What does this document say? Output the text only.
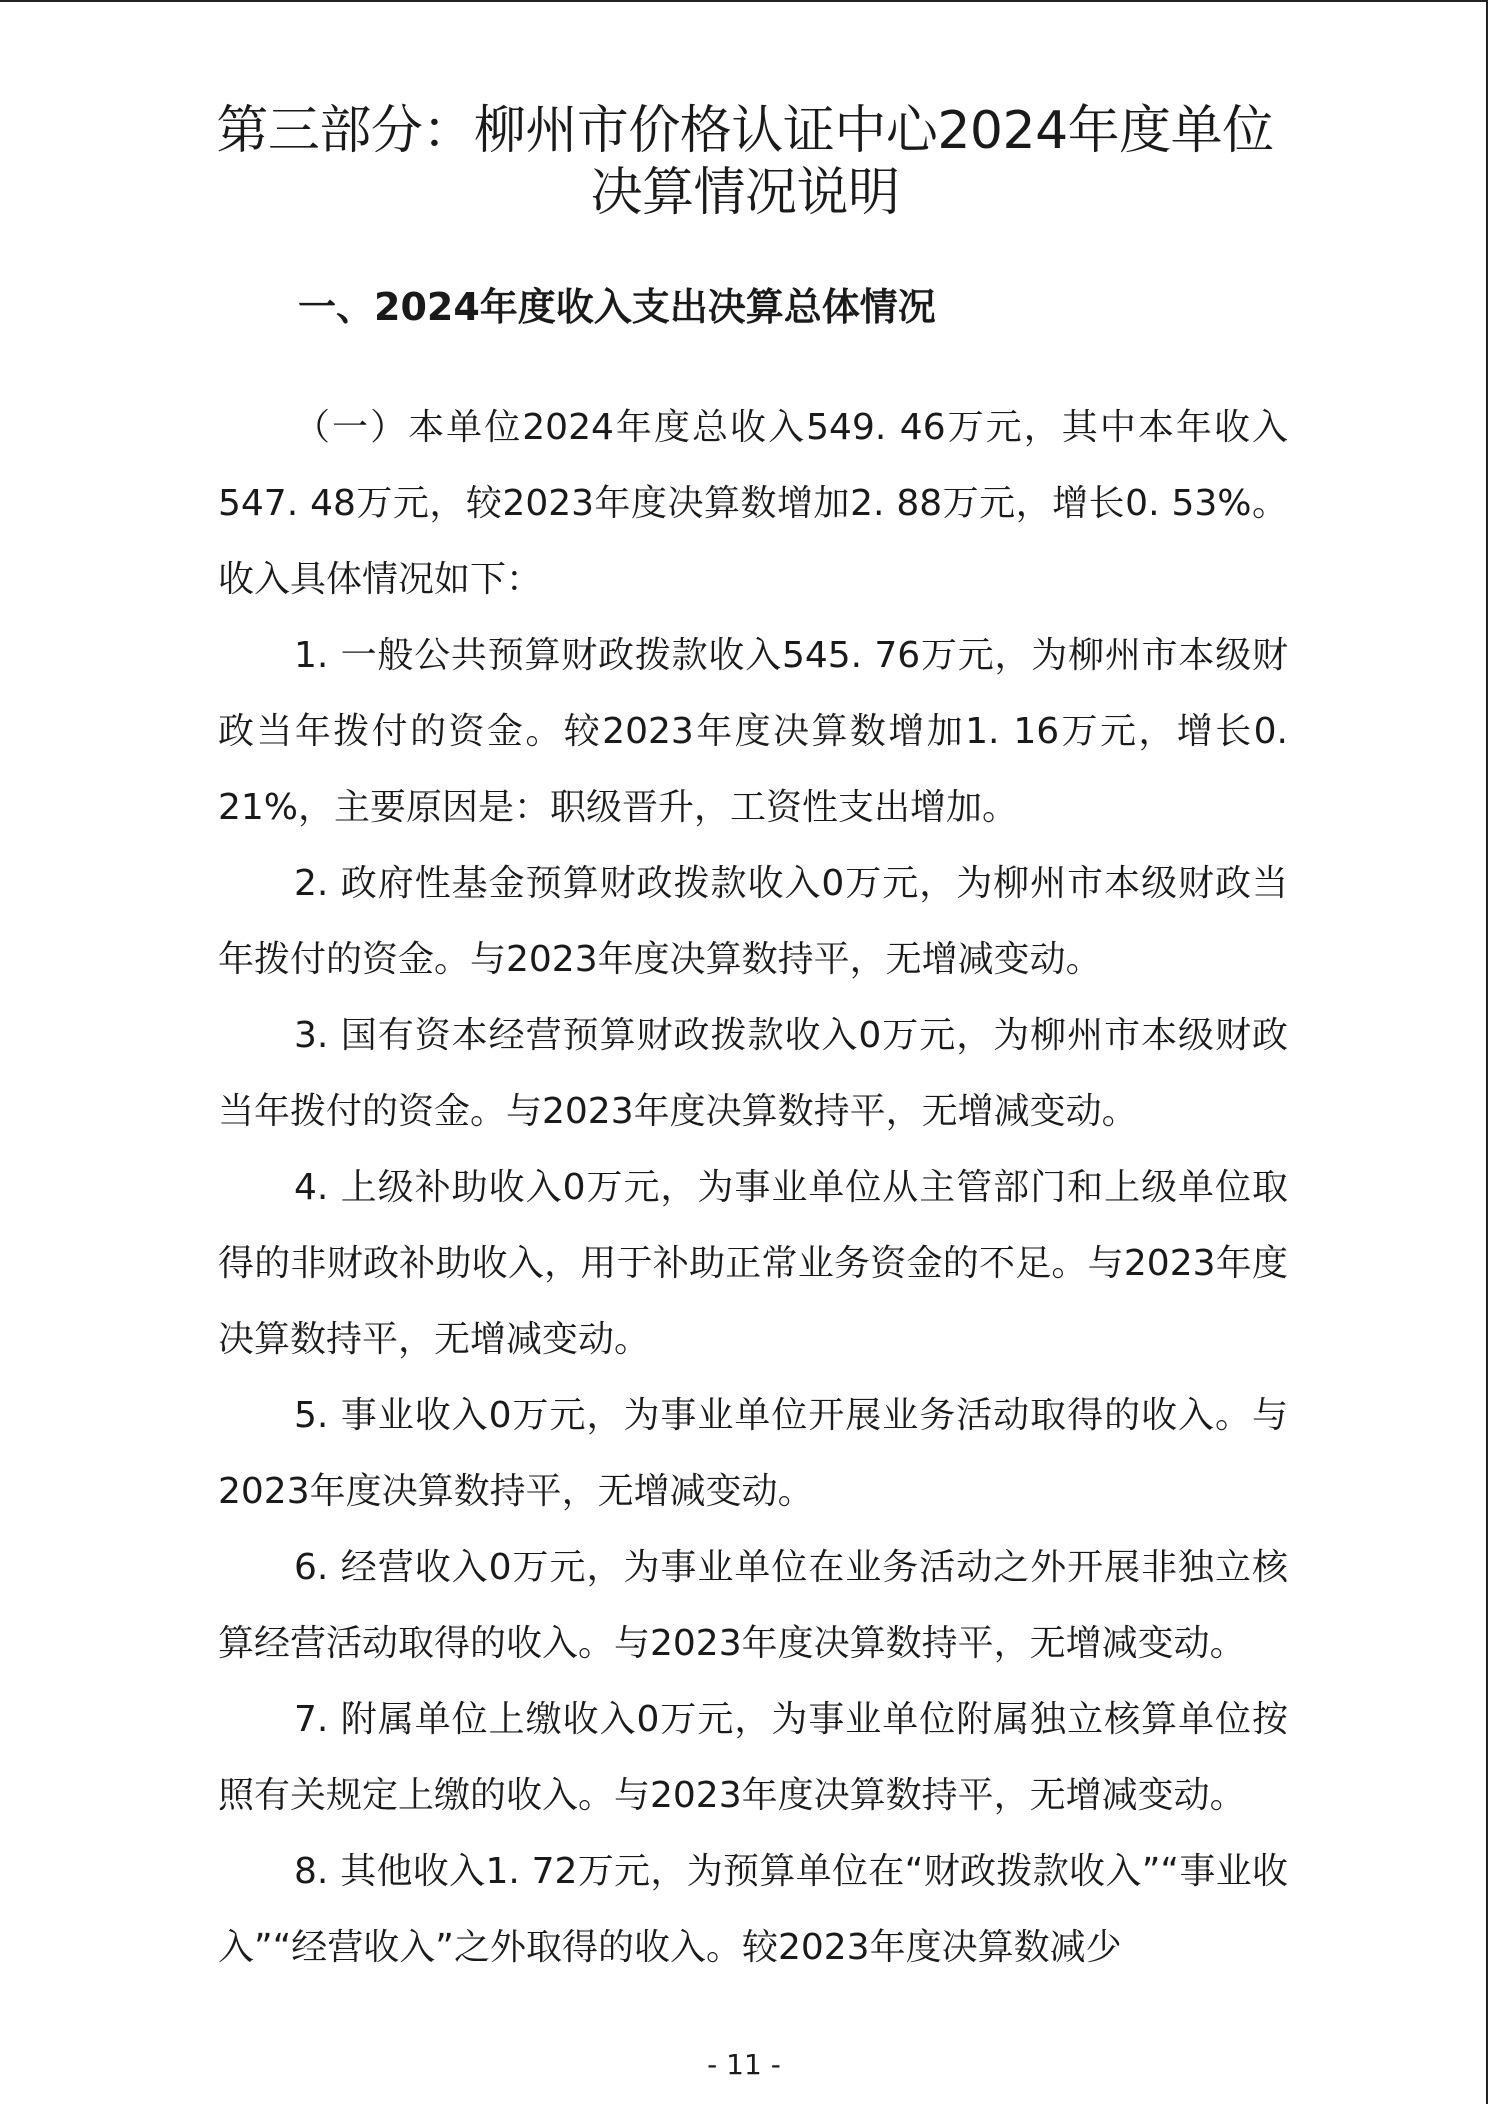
第三部分：柳州市价格认证中心2024年度单位决算情况说明
一、2024年度收入支出决算总体情况

（一）本单位2024年度总收入549. 46万元，其中本年收入547. 48万元，较2023年度决算数增加2. 88万元，增长0. 53%。收入具体情况如下：

1. 一般公共预算财政拨款收入545. 76万元，为柳州市本级财政当年拨付的资金。较2023年度决算数增加1. 16万元，增长0. 21%，主要原因是：职级晋升，工资性支出增加。

2. 政府性基金预算财政拨款收入0万元，为柳州市本级财政当年拨付的资金。与2023年度决算数持平，无增减变动。

3. 国有资本经营预算财政拨款收入0万元，为柳州市本级财政当年拨付的资金。与2023年度决算数持平，无增减变动。

4. 上级补助收入0万元，为事业单位从主管部门和上级单位取得的非财政补助收入，用于补助正常业务资金的不足。与2023年度决算数持平，无增减变动。

5. 事业收入0万元，为事业单位开展业务活动取得的收入。与2023年度决算数持平，无增减变动。

6. 经营收入0万元，为事业单位在业务活动之外开展非独立核算经营活动取得的收入。与2023年度决算数持平，无增减变动。

7. 附属单位上缴收入0万元，为事业单位附属独立核算单位按照有关规定上缴的收入。与2023年度决算数持平，无增减变动。

8. 其他收入1. 72万元，为预算单位在“财政拨款收入”“事业收入”“经营收入”之外取得的收入。较2023年度决算数减少

- 11 -
